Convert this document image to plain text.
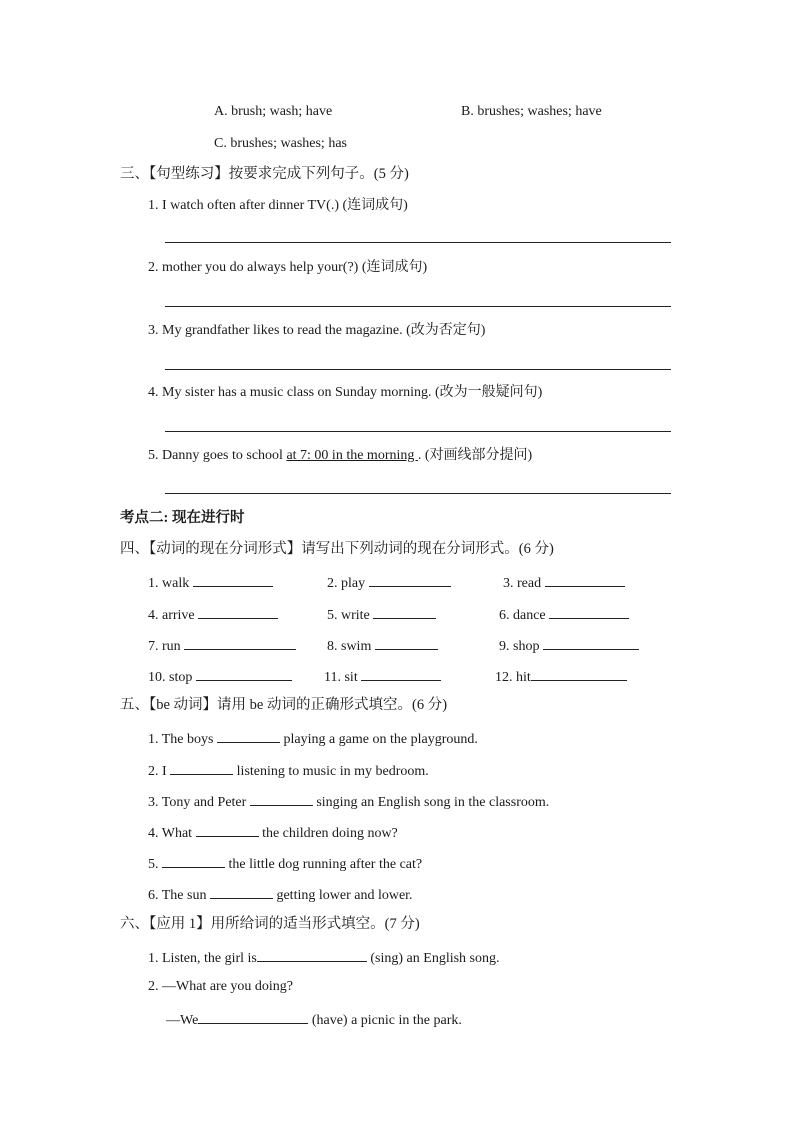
A. brush; wash; have	B. brushes; washes; have
C. brushes; washes; has
三、【句型练习】按要求完成下列句子。(5 分)
1. I watch often after dinner TV(.) (连词成句)
2. mother you do always help your(?) (连词成句)
3. My grandfather likes to read the magazine. (改为否定句)
4. My sister has a music class on Sunday morning. (改为一般疑问句)
5. Danny goes to school at 7: 00 in the morning . (对画线部分提问)
考点二: 现在进行时
四、【动词的现在分词形式】请写出下列动词的现在分词形式。(6 分)
1. walk	2. play	3. read
4. arrive	5. write	6. dance
7. run	8. swim	9. shop
10. stop	11. sit	12. hit
五、【be 动词】请用 be 动词的正确形式填空。(6 分)
1. The boys	playing a game on the playground.
2. I	listening to music in my bedroom.
3. Tony and Peter	singing an English song in the classroom.
4. What	the children doing now?
5.	the little dog running after the cat?
6. The sun	getting lower and lower.
六、【应用 1】用所给词的适当形式填空。(7 分)
1. Listen, the girl is	(sing) an English song.
2. —What are you doing?
—We	(have) a picnic in the park.
